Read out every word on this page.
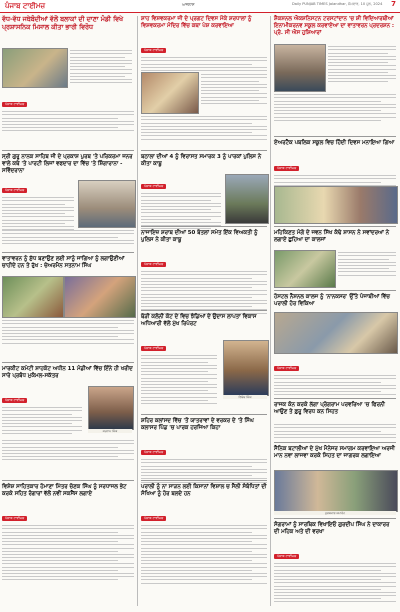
ਪੰਜਾਬ ਟਾਈਮਜ਼	ਅਜਲਾਸ	Daily PUNJAB TIMES Jalandhar, ਸੋਮਵਾਰ, 10 ਜੂਨ, 2024 7
ਵੱਧ-ਵੱਧ ਜਥੇਬੰਦੀਆਂ ਵੱਲੋਂ ਬਲਾਕਾਂ ਦੀ ਦਾਣਾ ਮੰਡੀ ਵਿਖੇ ਪ੍ਰਸ਼ਾਸਨਿਕ ਮਿਸਾਲ ਕੀਤਾ ਭਾਰੀ ਵਿਰੋਧ
ਪੰਜਾਬ ਟਾਈਮਜ਼
ਸ੍ਰੀ ਗੁਰੂ ਨਾਨਕ ਸਾਹਿਬ ਜੀ ਦੇ ਪ੍ਰਕਾਸ਼ ਪੁਰਬ 'ਤੇ ਪਰਿਕਰਮਾ ਜਨਰ ਵਾਲੇ ਕਥੇ 'ਤੇ ਪਾਰਟੀ ਲਿਜਾਂ ਵਫਦਾਰ ਦਾ ਵਿੱਚ 'ਤੇ ਸ਼ਿੰਗਾਰਾਨਾ - ਸਵਿੰਦਰਾਨਾ
ਪੰਜਾਬ ਟਾਈਮਜ਼
ਵਾਤਾਵਰਨ ਨੂੰ ਸ਼ੁੱਧ ਬਣਾਉਣ ਲਈ ਸਾਨੂੰ ਜਾਗਿਆ ਨੂੰ ਲਗਾਉਣੀਆਂ ਚਾਹੀਦੇ ਹਨ ਤੇ ਰੁੱਖ : ਚੇਅਰਮੈਨ ਸਤਨਾਮ ਸਿੰਘ
ਮਾਰਕੀਟ ਕਮੇਟੀ ਸ਼ਾਹਕੋਟ ਅਧੀਨ 11 ਮੰਡੀਆਂ ਵਿੱਚ ਇੰਨੇ ਹੀ ਖਰੀਦ ਸਾਰੇ ਪ੍ਰਬੰਧ ਮੁਕੰਮਲ-ਸਕੱਤਰ
ਪੰਜਾਬ ਟਾਈਮਜ਼
ਸਤਨਾਮ ਸਿੰਘ
ਵਿਸ਼ੇਸ਼ ਸਾਹਿਤਕਾਰ ਹੋਮਾਣਾ ਮਿੱਤਰ ਚੋਣਕ ਸਿੰਘ ਨੂੰ ਸਰਧਾਜਲ ਭੇਟ ਕਰਕੇ ਸਹਿਤ ਰੰਗਾਰਾਂ ਵੱਲੋਂ ਨਵੀਂ ਸਕਸੈਂਸ ਲਗਾਏ
ਪੰਜਾਬ ਟਾਈਮਜ਼
ਸ਼ਾਹ ਵਿਸ਼ਵਕਰਮਾ ਜੀ ਦੇ ਪ੍ਰਗਟ ਦਿਵਸ ਮੌਕੇ ਸ਼ਰਧਾਲਾਂ ਨੂੰ ਵਿਸ਼ਵਕਰਮਾ ਮੰਦਿਰ ਵਿੱਚ ਕਥਾ ਪੇਸ਼ ਕਰਵਾਇਆ
ਪੰਜਾਬ ਟਾਈਮਜ਼
ਬਠਾਲਾ ਦੀਆਂ 4 ਨੂੰ ਵਿਰਾਸਤ ਸਮਾਰਕ 3 ਨੂੰ ਪਾਰਕਾਂ ਪੁਲਿਸ ਨੇ ਕੀਤਾ ਕਾਬੂ
ਪੰਜਾਬ ਟਾਈਮਜ਼
ਨਾਜਾਇਜ਼ ਸ਼ਰਾਬ ਦੀਆਂ 50 ਬੋਤਲਾਂ ਸਮੇਤ ਇੱਕ ਵਿਅਕਤੀ ਨੂੰ ਪੁਲਿਸ ਨੇ ਕੀਤਾ ਕਾਬੂ
ਪੰਜਾਬ ਟਾਈਮਜ਼
ਥੋੜੀ ਕਲੋਨੀ ਕੋਟ ਦੇ ਵਿਚ ਝੰਡਿਆਂ ਦੇ ਉਦਾਸ ਲਾਪਤਾ ਵਿਕਾਸ ਅਧਿਆਰੀ ਵੱਲੋਂ ਮੁੱਖ ਰਿਪੋਰਟ
ਪੰਜਾਬ ਟਾਈਮਜ਼
ਵਿਸ਼ੇਸ਼ ਸਿੰਘ
ਸ਼ਹਿਰ ਕਲਾਂਸਦ ਵਿੱਚ 'ਤੋਂ ਯਾਤਰਾਵਾਂ ਦੇ ਵਰਕਰ ਦੇ 'ਤੇ ਸਿੰਘ ਕਲਾਸਰ ਪਿੰਡ 'ਚ ਪਾਰਕ ਹਰਜਿਆ ਕਿਹਾ
ਪੰਜਾਬ ਟਾਈਮਜ਼
ਪਰਾਲੀ ਨੂੰ ਨਾ ਸਾੜਨ ਲਈ ਕਿਸਾਨਾਂ ਵਿਸ਼ਾਲ ਚ ਸੈਲੀ ਸੰਬੰਧਿਤਾਂ ਦੀ ਸੰਖਿਆ ਨੂੰ ਹੋਰ ਬਲਦੇ ਹਨ
ਪੰਜਾਬ ਟਾਈਮਜ਼
ਸ਼ੈਕਸ਼ਨਲ ਐਕਸ਼ਨਿਸਟਨ ਟਰਸਟਾਂਦਾਨ 'ਚ ਸ਼ੀ ਵਿਦਿਆਰਥੀਆਂ ਇਨਾਮੀਕਰਨਵ ਸਕੂਲ ਕਰਵਾਏਆ ਦਾ ਵਾਤਾਵਰਨ ਪ੍ਰਦਰਸ਼ਨ : ਪ੍ਰੋ. ਸੀ ਐਸ ਹੁਸ਼ਿਆਰਾਂ
ਏਅਰਟੈਕ ਪਬਲਿਕ ਸਕੂਲ ਵਿਚ ਹਿੰਦੀ ਦਿਵਸ ਮਨਾਇਆ ਗਿਆ
ਪੰਜਾਬ ਟਾਈਮਜ਼
ਮਹਿਕਿਣਤ ਮੰਗੋ ਦੇ ਜਵਨ ਸਿੱਖ ਕੰਢੇ ਸ਼ਾਸਨ ਨੇ ਸਵਾਂਦਰਆਂ ਨੇ ਲਗਾਏ ਛੁਹਿਆ ਦਾ ਕਾਲਜਾਂ
ਹੋਸਟਲ ਨੈਸ਼ਨਲ ਕਾਲਜ ਨੂੰ 'ਨਾਨਕਸਰ' ਉੱਤੇ ਪੰਜਾਬੀਆਂ ਵਿੱਚ ਪਰਾਲੀ ਹੋਰ ਵਿਕਿਆ
ਪੰਜਾਬ ਟਾਈਮਜ਼
ਰਾਜਕ ਕੋਨ ਕਰਕੇ ਲੱਗਾ ਪ੍ਰੋਗਰਾਮ ਪਰਵਰਿਆ 'ਚ ਫਿਰਨੀ ਆਉਣ ਤੇ ਫ਼ੁਰੂ ਵਿਰਧ ਕਨ ਸਿਹਤ
ਸੈਨਿਕ ਬਟਾਲੀਆਂ ਦੇ ਮੁੱਖ ਮੈਨੇਜਰ ਸਮਾਗਮ ਕਰਵਾਇਆ ਅਰਜੀ ਮਾਨ ਨਵਾ ਲਾਜਵਾ ਕਰਕੇ ਸਿਹਤ ਦਾ ਜਾਗਰਕ ਲਗਾਇਆ
ਪੁਰਸਕਾਰ ਸਮਾਰੋਹ
ਸੰਗਰਾਮਾਂ ਨੂੰ ਸਾਰਥਿਕ ਵਿਖਾਇਓ ਗੁਰਦੀਪ ਸਿੰਘ ਨੇ ਦਾਕਾਰਰ ਦੀ ਮਹਿਕ ਅਤੇ ਦੀ ਵਰਖਾ
ਪੰਜਾਬ ਟਾਈਮਜ਼
